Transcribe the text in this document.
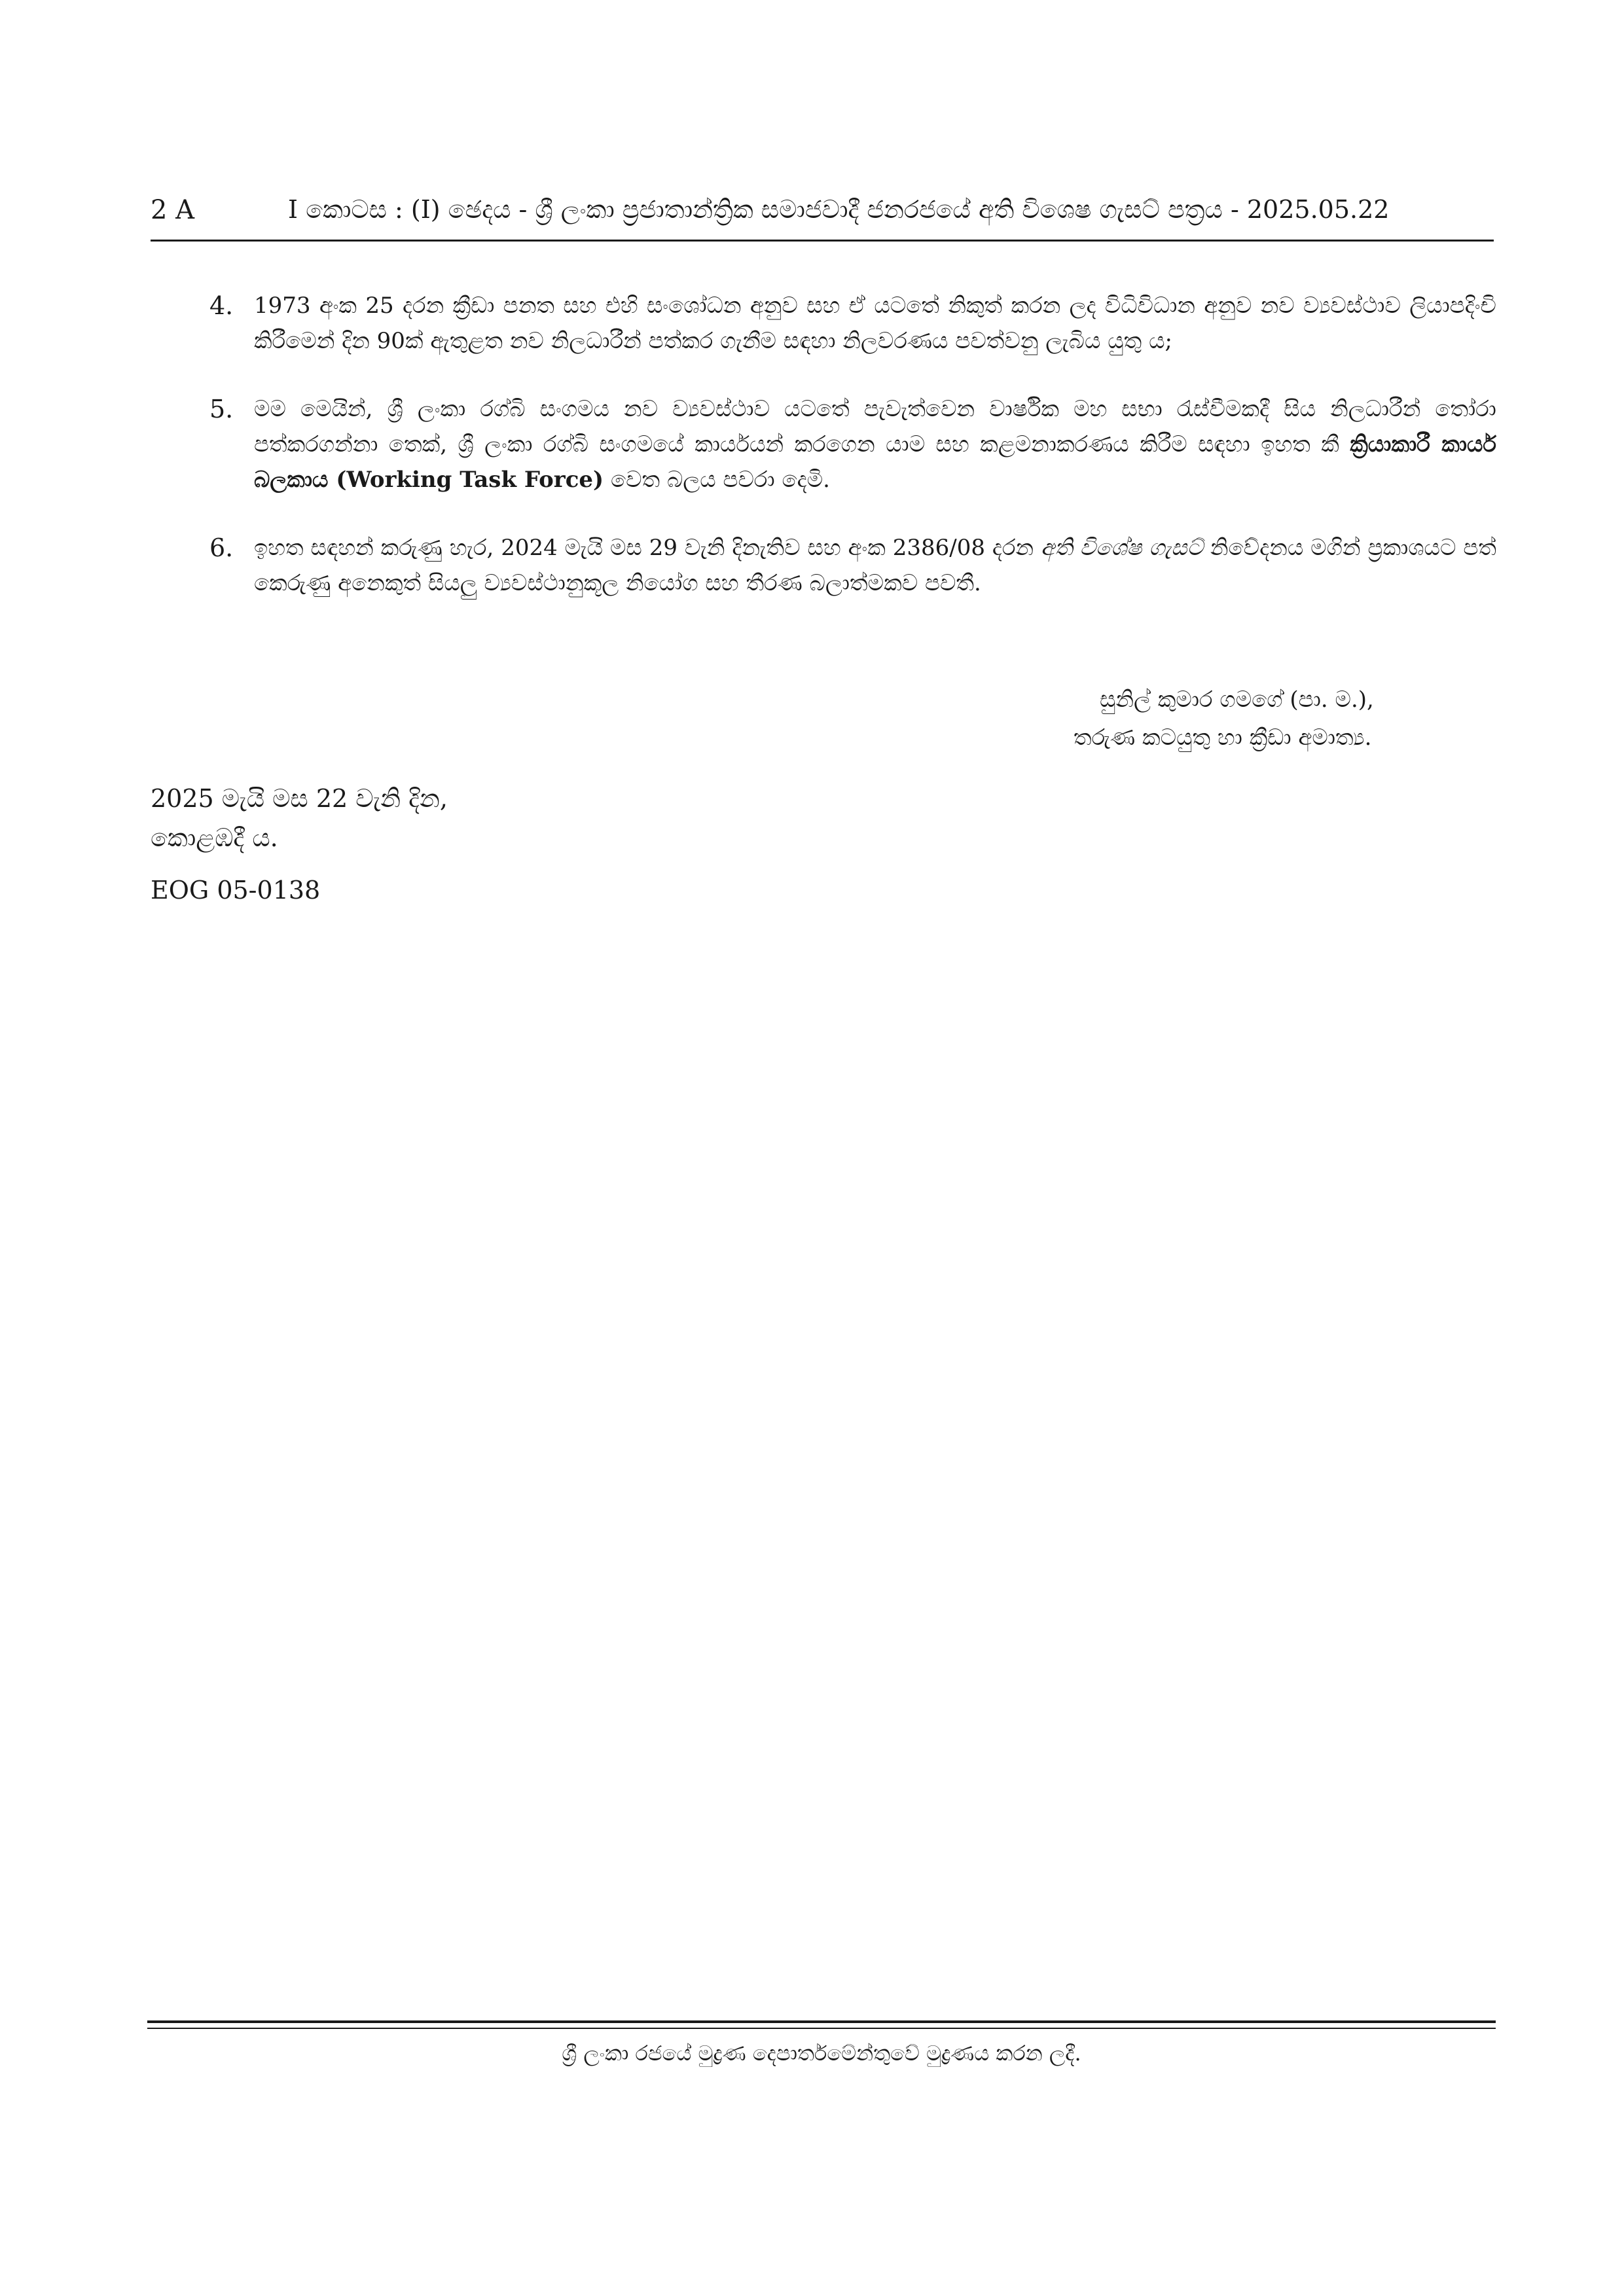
2 A	I කොටස : (I) ඡෙදය - ශ්‍රී ලංකා ප්‍රජාතාන්ත්‍රික සමාජවාදී ජනරජයේ අති විශෙෂ ගැසට් පත්‍රය - 2025.05.22
4. 1973 අංක 25 දරන ක්‍රීඩා පනත සහ එහි සංශෝධන අනුව සහ ඒ යටතේ නිකුත් කරන ලද විධිවිධාන අනුව නව ව්‍යවස්ථාව ලියාපදිංචි කිරීමෙන් දින 90ක් ඇතුළත නව නිලධාරීන් පත්කර ගැනීම සඳහා නිලවරණය පවත්වනු ලැබිය යුතු ය;

5. මම මෙයින්, ශ්‍රී ලංකා රග්බි සංගමය නව ව්‍යවස්ථාව යටතේ පැවැත්වෙන වාර්ෂික මහ සභා රැස්වීමකදී සිය නිලධාරීන් තෝරා පත්කරගන්නා තෙක්, ශ්‍රී ලංකා රග්බි සංගමයේ කාර්යයන් කරගෙන යාම සහ කළමනාකරණය කිරීම සඳහා ඉහත කී ක්‍රියාකාරී කාර්ය බලකාය (Working Task Force) වෙත බලය පවරා දෙමි.

6. ඉහත සඳහන් කරුණු හැර, 2024 මැයි මස 29 වැනි දිනැතිව සහ අංක 2386/08 දරන අති විශේෂ ගැසට් නිවේදනය මගින් ප්‍රකාශයට පත් කෙරුණු අනෙකුත් සියලු ව්‍යවස්ථානුකූල නියෝග සහ තීරණ බලාත්මකව පවතී.

සුනිල් කුමාර ගමගේ (පා. ම.),
තරුණ කටයුතු හා ක්‍රීඩා අමාත්‍ය.
2025 මැයි මස 22 වැනි දින,
කොළඹදී ය.
EOG 05-0138
ශ්‍රී ලංකා රජයේ මුද්‍රණ දෙපාර්තමේන්තුවේ මුද්‍රණය කරන ලදී.
